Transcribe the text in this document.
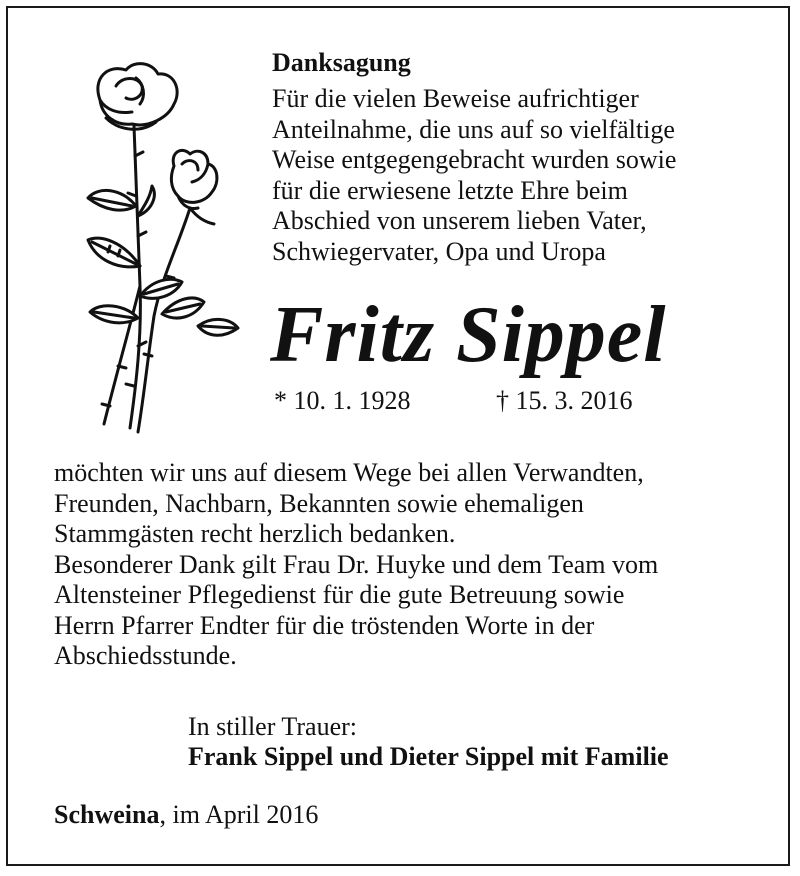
Danksagung

Für die vielen Beweise aufrichtiger
Anteilnahme, die uns auf so vielfältige
Weise entgegengebracht wurden sowie
für die erwiesene letzte Ehre beim
Abschied von unserem lieben Vater,
Schwiegervater, Opa und Uropa

Fritz Sippel
* 10. 1. 1928	† 15. 3. 2016

möchten wir uns auf diesem Wege bei allen Verwandten,
Freunden, Nachbarn, Bekannten sowie ehemaligen
Stammgästen recht herzlich bedanken.
Besonderer Dank gilt Frau Dr. Huyke und dem Team vom
Altensteiner Pflegedienst für die gute Betreuung sowie
Herrn Pfarrer Endter für die tröstenden Worte in der
Abschiedsstunde.

In stiller Trauer:
Frank Sippel und Dieter Sippel mit Familie
Schweina, im April 2016
